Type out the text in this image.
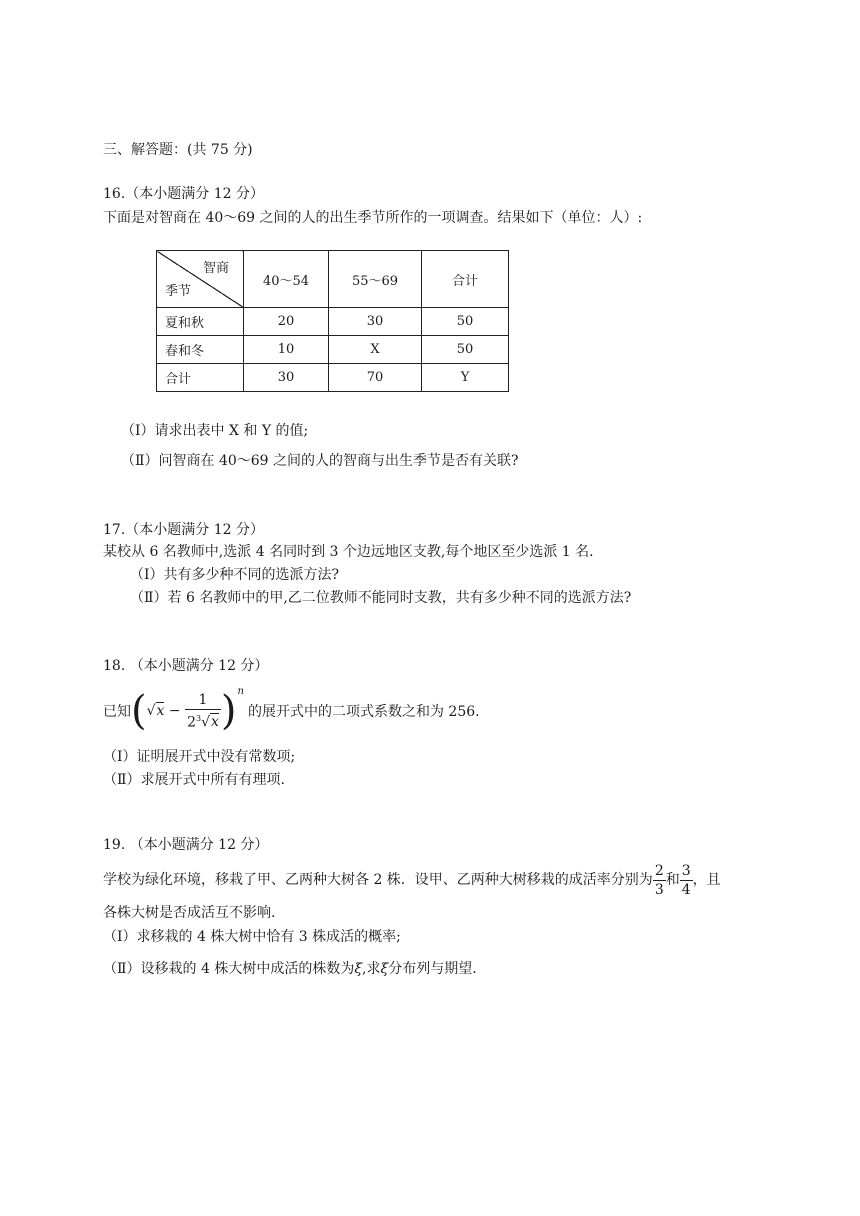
三、解答题：(共 75 分)
16.（本小题满分 12 分）
下面是对智商在 40～69 之间的人的出生季节所作的一项调查。结果如下（单位：人）:
智商
季节	40～54	55～69	合计
夏和秋	20	30	50
春和冬	10	X	50
合计	30	70	Y
（Ⅰ）请求出表中 X 和 Y 的值;
（Ⅱ）问智商在 40～69 之间的人的智商与出生季节是否有关联?
17.（本小题满分 12 分）
某校从 6 名教师中,选派 4 名同时到 3 个边远地区支教,每个地区至少选派 1 名.
（Ⅰ）共有多少种不同的选派方法?
（Ⅱ）若 6 名教师中的甲,乙二位教师不能同时支教，共有多少种不同的选派方法?
18. （本小题满分 12 分）
已知 ( $√x - \frac{1}{2^3√x}$ ) n
的展开式中的二项式系数之和为 256.
（Ⅰ）证明展开式中没有常数项;
（Ⅱ）求展开式中所有有理项.
19. （本小题满分 12 分）
学校为绿化环境，移栽了甲、乙两种大树各 2 株．设甲、乙两种大树移栽的成活率分别为 $\frac{2}{3}$ 和 $\frac{3}{4}$ ，且
各株大树是否成活互不影响.
（Ⅰ）求移栽的 4 株大树中恰有 3 株成活的概率;
（Ⅱ）设移栽的 4 株大树中成活的株数为ξ,求ξ分布列与期望.
